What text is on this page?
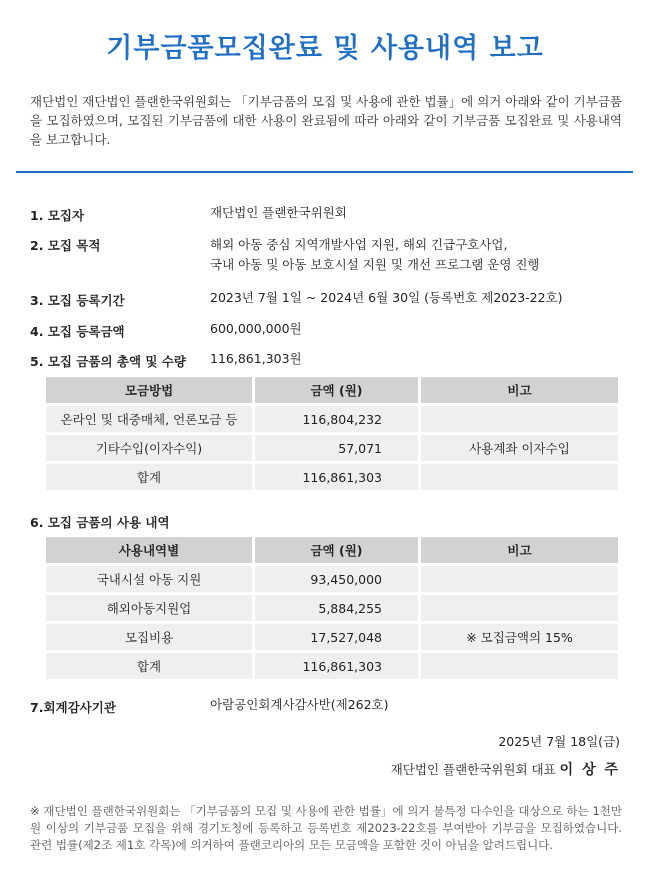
기부금품모집완료 및 사용내역 보고
재단법인 재단법인 플랜한국위원회는 「기부금품의 모집 및 사용에 관한 법률」에 의거 아래와 같이 기부금품을 모집하였으며, 모집된 기부금품에 대한 사용이 완료됨에 따라 아래와 같이 기부금품 모집완료 및 사용내역을 보고합니다.
1. 모집자	재단법인 플랜한국위원회
2. 모집 목적	해외 아동 중심 지역개발사업 지원, 해외 긴급구호사업,
국내 아동 및 아동 보호시설 지원 및 개선 프로그램 운영 진행
3. 모집 등록기간	2023년 7월 1일 ~ 2024년 6월 30일 (등록번호 제2023-22호)
4. 모집 등록금액	600,000,000원
5. 모집 금품의 총액 및 수량 116,861,303원
모금방법	금액 (원)	비고
온라인 및 대중매체, 언론모금 등	116,804,232	
기타수입(이자수익)	57,071	사용계좌 이자수입
합계	116,861,303	
6. 모집 금품의 사용 내역
사용내역별	금액 (원)	비고
국내시설 아동 지원	93,450,000	
해외아동지원업	5,884,255	
모집비용	17,527,048	※ 모집금액의 15%
합계	116,861,303	
7.회계감사기관	아람공인회계사감사반(제262호)
2025년 7월 18일(금)
재단법인 플랜한국위원회 대표 이 상 주
※ 재단법인 플랜한국위원회는 「기부금품의 모집 및 사용에 관한 법률」에 의거 불특정 다수인을 대상으로 하는 1천만원 이상의 기부금품 모집을 위해 경기도청에 등록하고 등록번호 제2023-22호를 부여받아 기부금을 모집하였습니다. 관련 법률(제2조 제1호 각목)에 의거하여 플랜코리아의 모든 모금액을 포함한 것이 아님을 알려드립니다.
